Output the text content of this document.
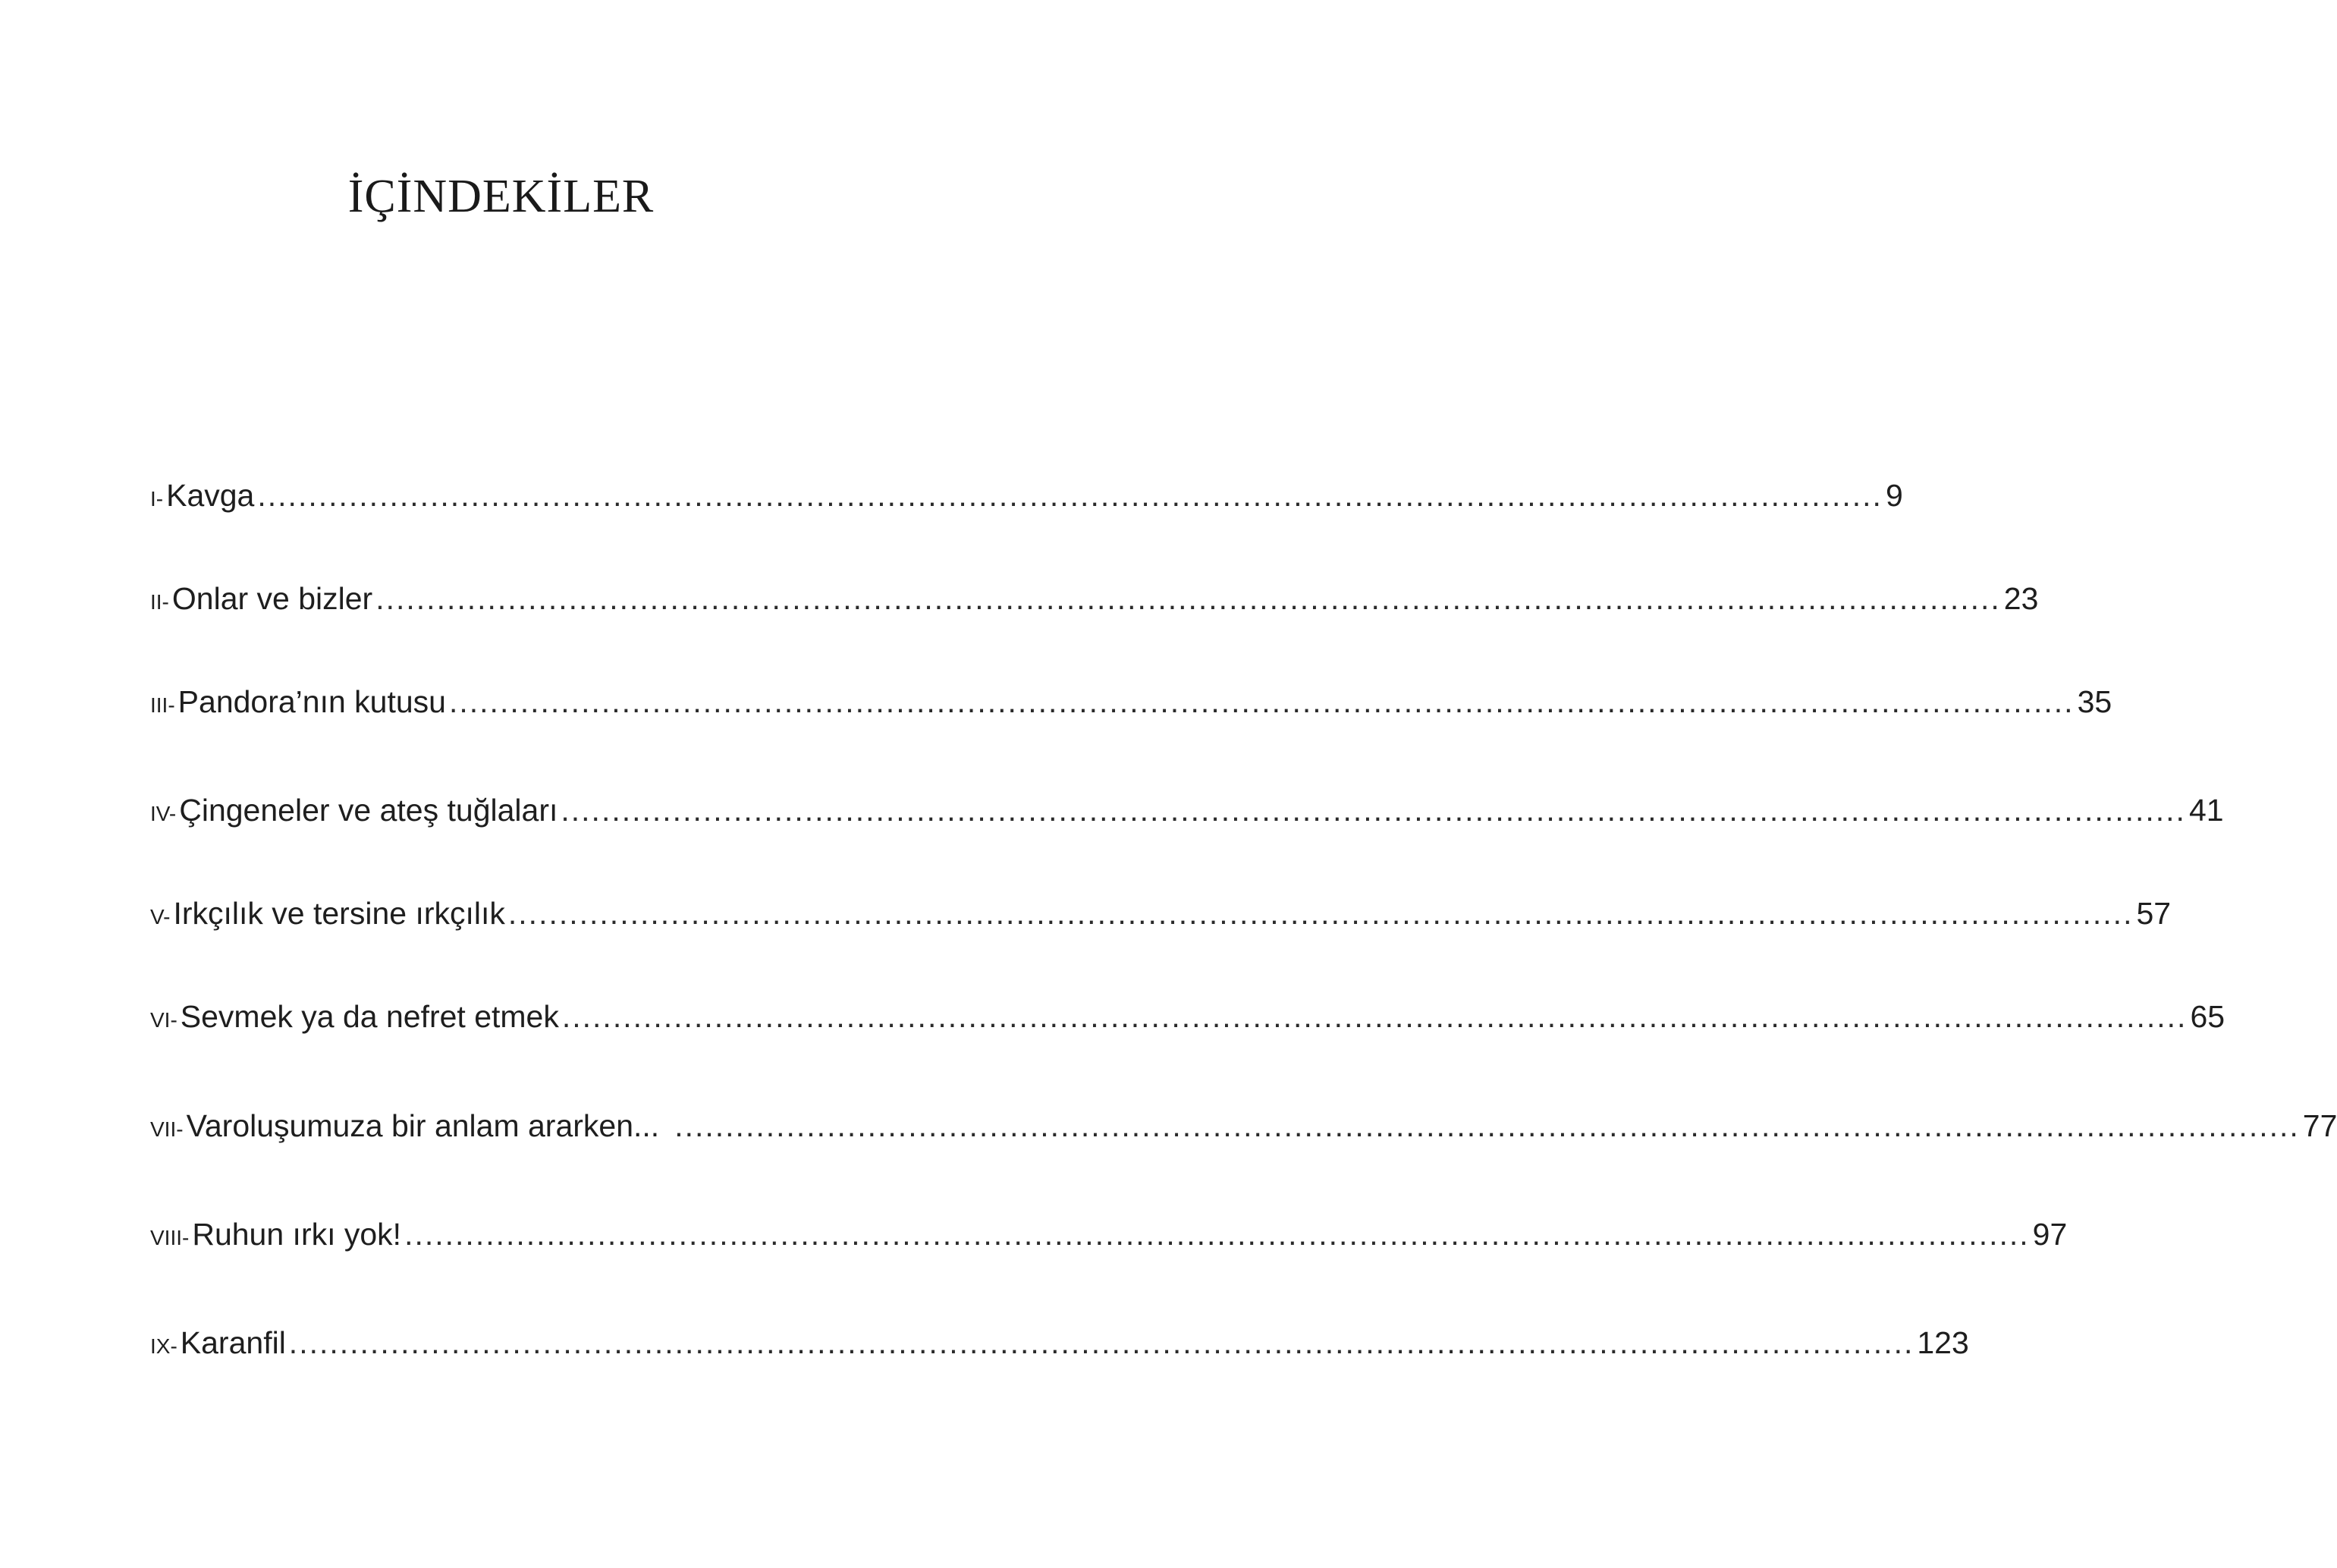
İÇİNDEKİLER
I- Kavga ................................................................................................................................................................ 9
II- Onlar ve bizler ................................................................................................................................................................ 23
III- Pandora’nın kutusu ................................................................................................................................................................ 35
IV- Çingeneler ve ateş tuğlaları ................................................................................................................................................................ 41
V- Irkçılık ve tersine ırkçılık ................................................................................................................................................................ 57
VI- Sevmek ya da nefret etmek ................................................................................................................................................................ 65
VII- Varoluşumuza bir anlam ararken... ................................................................................................................................................................ 77
VIII- Ruhun ırkı yok! ................................................................................................................................................................ 97
IX- Karanfil ................................................................................................................................................................ 123
